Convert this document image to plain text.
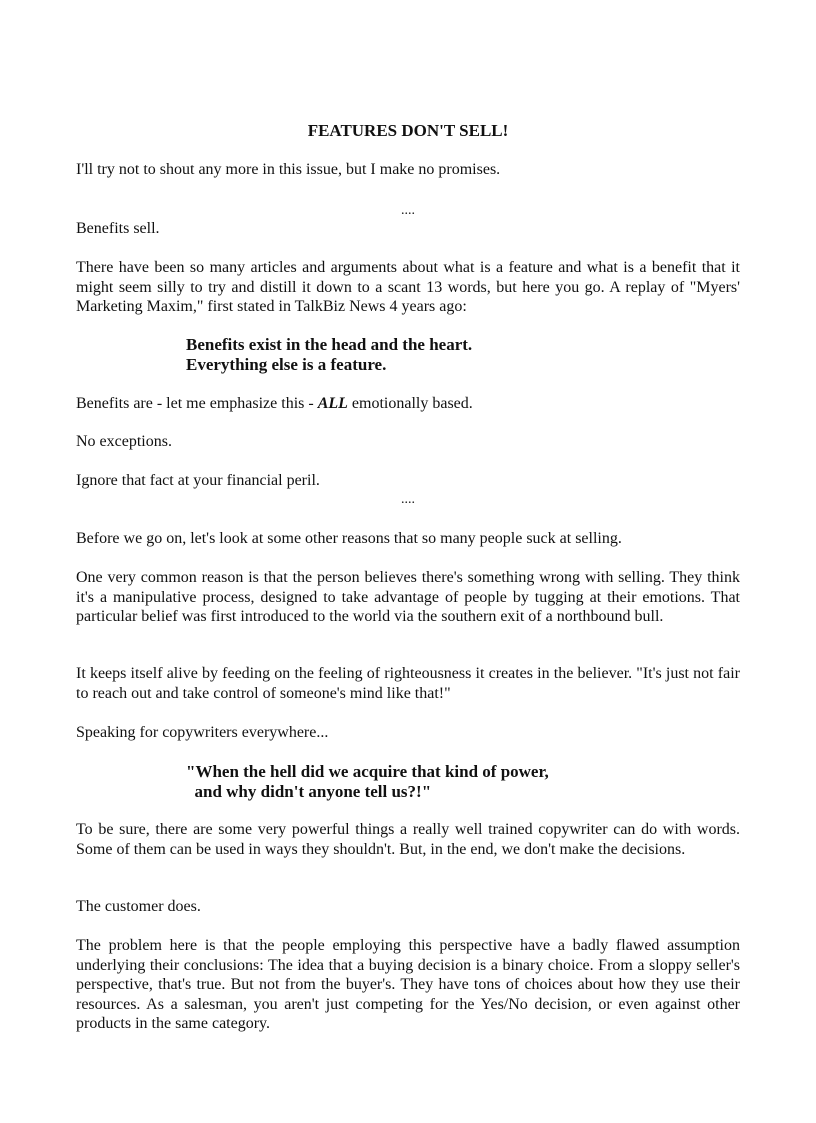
FEATURES DON'T SELL!

I'll try not to shout any more in this issue, but I make no promises.

....

Benefits sell.

There have been so many articles and arguments about what is a feature and what is a benefit that it might seem silly to try and distill it down to a scant 13 words, but here you go. A replay of "Myers' Marketing Maxim," first stated in TalkBiz News 4 years ago:

Benefits exist in the head and the heart.
Everything else is a feature.

Benefits are - let me emphasize this - ALL emotionally based.

No exceptions.

Ignore that fact at your financial peril.

....

Before we go on, let's look at some other reasons that so many people suck at selling.

One very common reason is that the person believes there's something wrong with selling. They think it's a manipulative process, designed to take advantage of people by tugging at their emotions. That particular belief was first introduced to the world via the southern exit of a northbound bull.

It keeps itself alive by feeding on the feeling of righteousness it creates in the believer. "It's just not fair to reach out and take control of someone's mind like that!"

Speaking for copywriters everywhere...

"When the hell did we acquire that kind of power,
and why didn't anyone tell us?!"

To be sure, there are some very powerful things a really well trained copywriter can do with words. Some of them can be used in ways they shouldn't. But, in the end, we don't make the decisions.

The customer does.

The problem here is that the people employing this perspective have a badly flawed assumption underlying their conclusions: The idea that a buying decision is a binary choice. From a sloppy seller's perspective, that's true. But not from the buyer's. They have tons of choices about how they use their resources. As a salesman, you aren't just competing for the Yes/No decision, or even against other products in the same category.
